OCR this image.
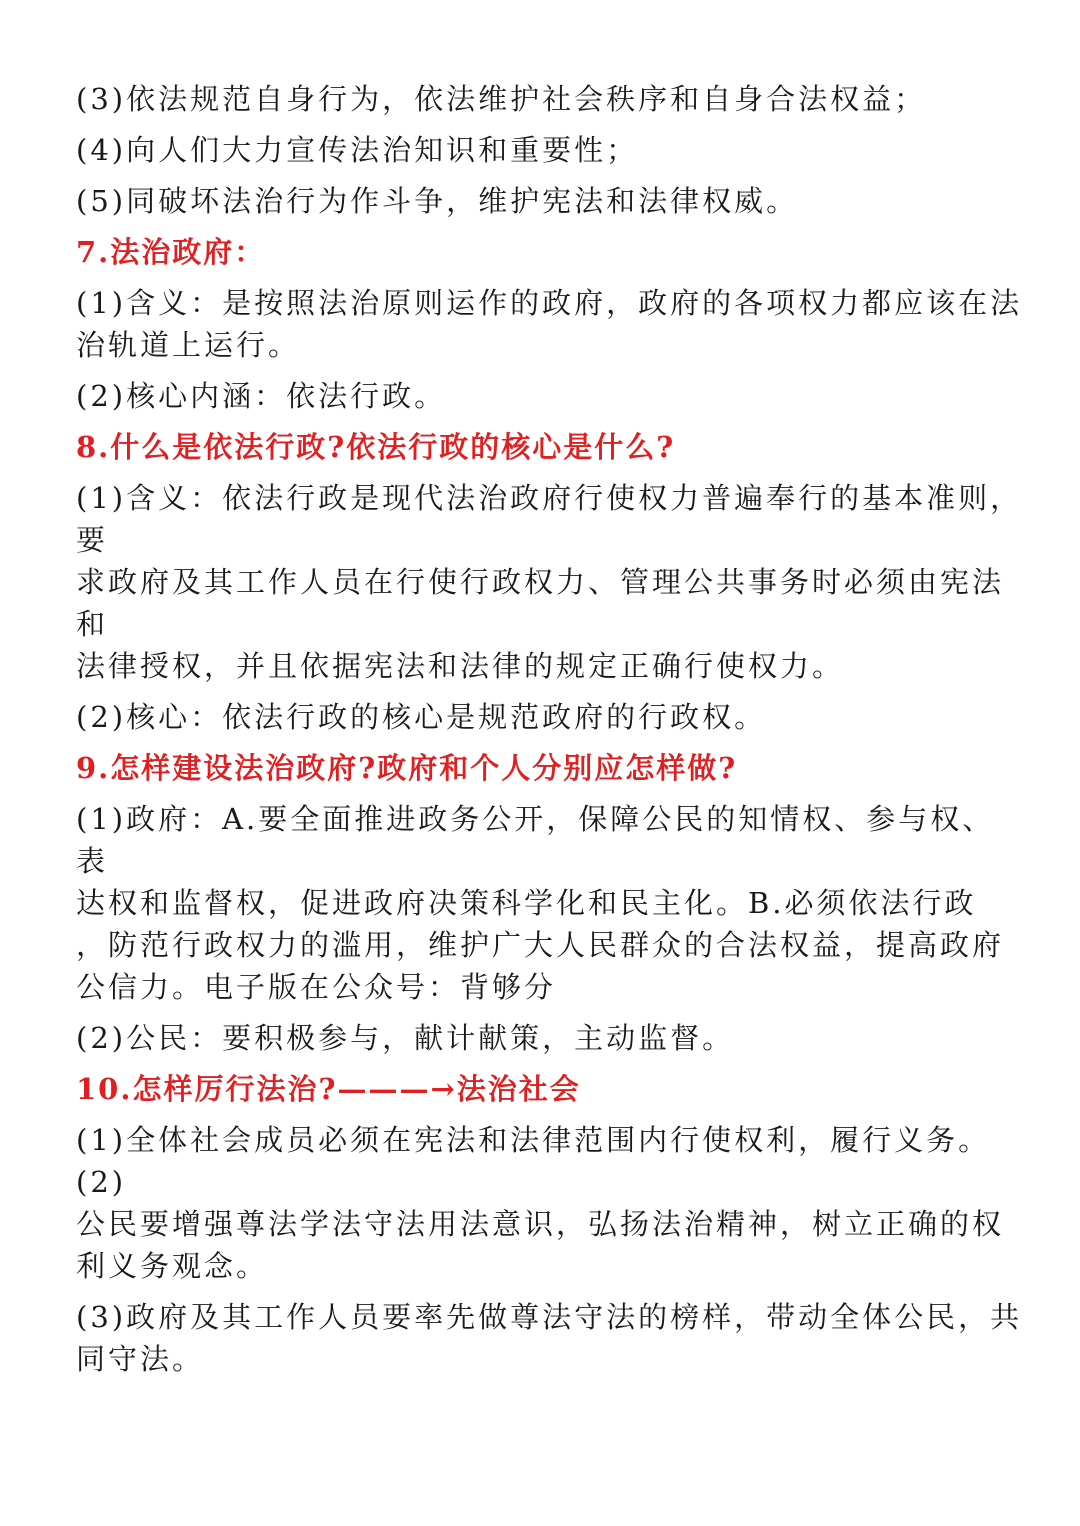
(3)依法规范自身行为，依法维护社会秩序和自身合法权益；
(4)向人们大力宣传法治知识和重要性；
(5)同破坏法治行为作斗争，维护宪法和法律权威。
7.法治政府：
(1)含义：是按照法治原则运作的政府，政府的各项权力都应该在法
治轨道上运行。
(2)核心内涵：依法行政。
8.什么是依法行政?依法行政的核心是什么?
(1)含义：依法行政是现代法治政府行使权力普遍奉行的基本准则，要
求政府及其工作人员在行使行政权力、管理公共事务时必须由宪法和
法律授权，并且依据宪法和法律的规定正确行使权力。
(2)核心：依法行政的核心是规范政府的行政权。
9.怎样建设法治政府?政府和个人分别应怎样做?
(1)政府：A.要全面推进政务公开，保障公民的知情权、参与权、表
达权和监督权，促进政府决策科学化和民主化。B.必须依法行政
，防范行政权力的滥用，维护广大人民群众的合法权益，提高政府
公信力。电子版在公众号：背够分
(2)公民：要积极参与，献计献策，主动监督。
10.怎样厉行法治?———→法治社会
(1)全体社会成员必须在宪法和法律范围内行使权利，履行义务。(2)
公民要增强尊法学法守法用法意识，弘扬法治精神，树立正确的权
利义务观念。
(3)政府及其工作人员要率先做尊法守法的榜样，带动全体公民，共
同守法。
